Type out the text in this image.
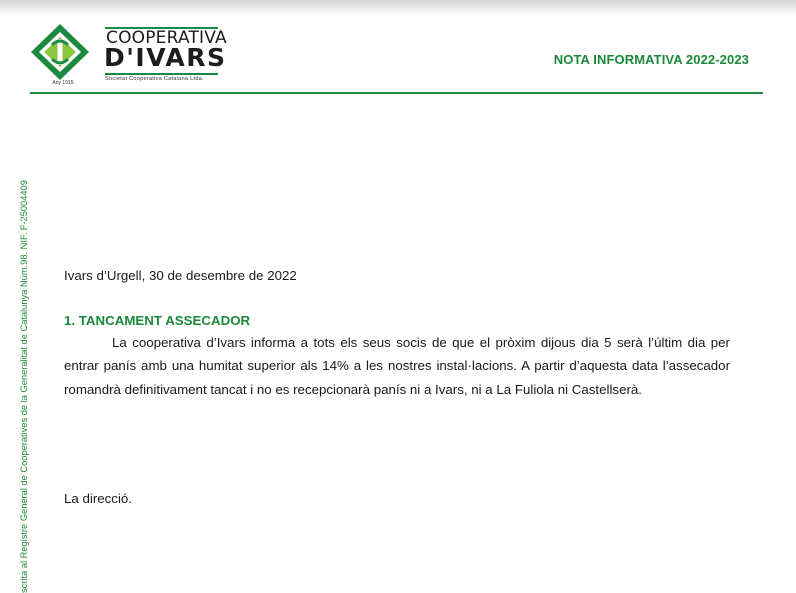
Any 1915
COOPERATIVA
D'IVARS
Societat Cooperativa Catalana Ltda.
NOTA INFORMATIVA 2022-2023
scrita al Registre General de Cooperatives de la Generalitat de Catalunya Núm.98. NIF. F-25004409	Ivars d’Urgell, 30 de desembre de 2022
1. TANCAMENT ASSECADOR

La cooperativa d’Ivars informa a tots els seus socis de que el pròxim dijous dia 5 serà l’últim dia per entrar panís amb una humitat superior als 14% a les nostres instal·lacions. A partir d’aquesta data l’assecador romandrà definitivament tancat i no es recepcionarà panís ni a Ivars, ni a La Fuliola ni Castellserà.

La direcció.
